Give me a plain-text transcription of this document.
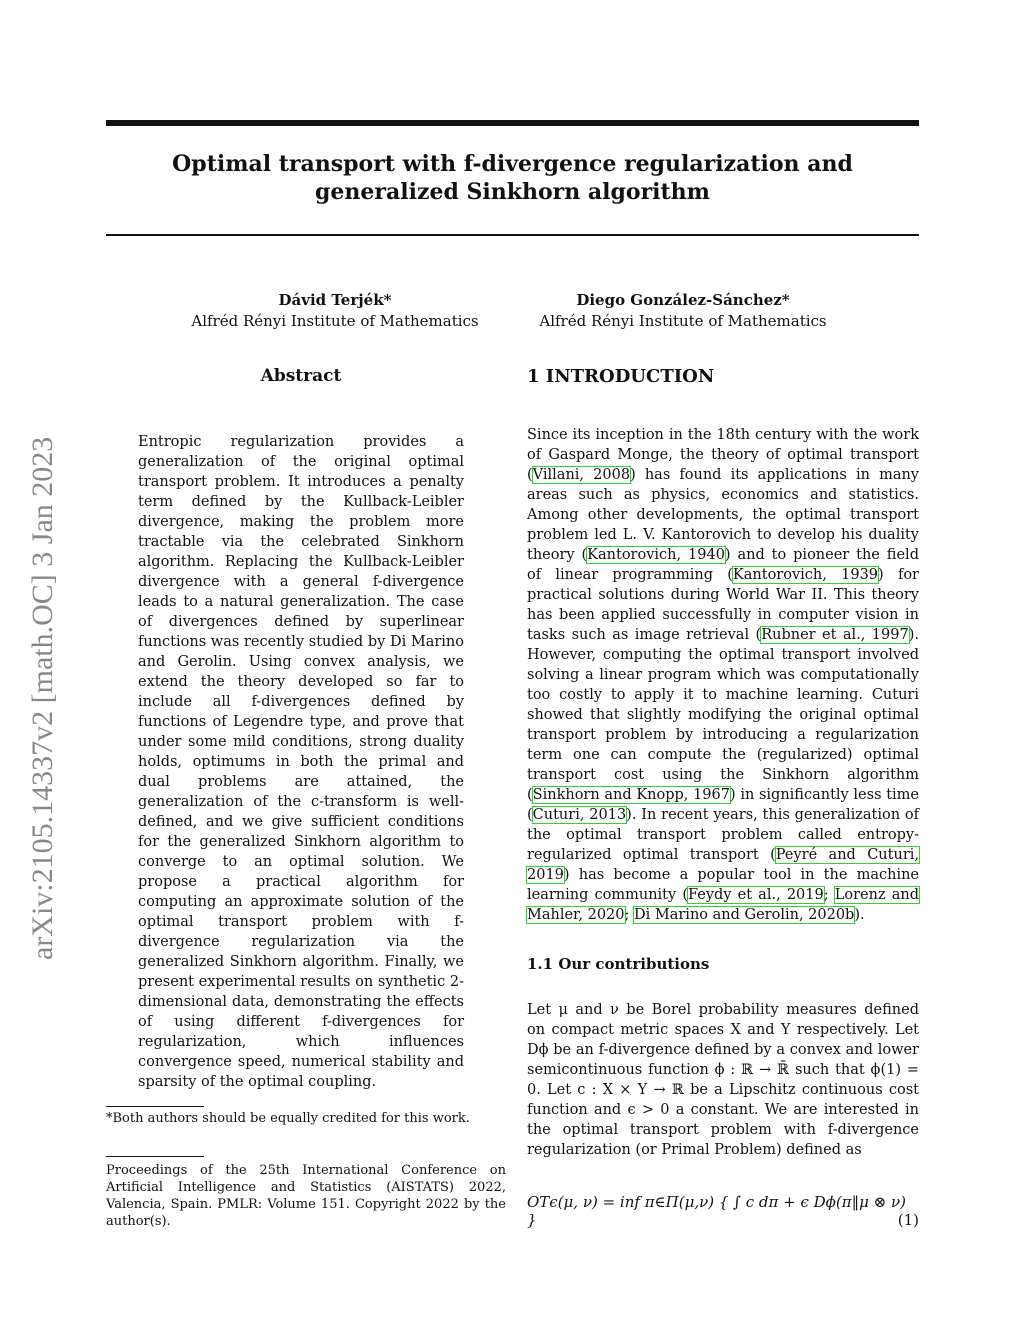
Optimal transport with f-divergence regularization and generalized Sinkhorn algorithm
arXiv:2105.14337v2 [math.OC] 3 Jan 2023
Dávid Terjék*
Alfréd Rényi Institute of Mathematics
Diego González-Sánchez*
Alfréd Rényi Institute of Mathematics
Abstract
Entropic regularization provides a generalization of the original optimal transport problem. It introduces a penalty term defined by the Kullback-Leibler divergence, making the problem more tractable via the celebrated Sinkhorn algorithm. Replacing the Kullback-Leibler divergence with a general f-divergence leads to a natural generalization. The case of divergences defined by superlinear functions was recently studied by Di Marino and Gerolin. Using convex analysis, we extend the theory developed so far to include all f-divergences defined by functions of Legendre type, and prove that under some mild conditions, strong duality holds, optimums in both the primal and dual problems are attained, the generalization of the c-transform is well-defined, and we give sufficient conditions for the generalized Sinkhorn algorithm to converge to an optimal solution. We propose a practical algorithm for computing an approximate solution of the optimal transport problem with f-divergence regularization via the generalized Sinkhorn algorithm. Finally, we present experimental results on synthetic 2-dimensional data, demonstrating the effects of using different f-divergences for regularization, which influences convergence speed, numerical stability and sparsity of the optimal coupling.
1 INTRODUCTION
Since its inception in the 18th century with the work of Gaspard Monge, the theory of optimal transport (Villani, 2008) has found its applications in many areas such as physics, economics and statistics. Among other developments, the optimal transport problem led L. V. Kantorovich to develop his duality theory (Kantorovich, 1940) and to pioneer the field of linear programming (Kantorovich, 1939) for practical solutions during World War II. This theory has been applied successfully in computer vision in tasks such as image retrieval (Rubner et al., 1997). However, computing the optimal transport involved solving a linear program which was computationally too costly to apply it to machine learning. Cuturi showed that slightly modifying the original optimal transport problem by introducing a regularization term one can compute the (regularized) optimal transport cost using the Sinkhorn algorithm (Sinkhorn and Knopp, 1967) in significantly less time (Cuturi, 2013). In recent years, this generalization of the optimal transport problem called entropy-regularized optimal transport (Peyré and Cuturi, 2019) has become a popular tool in the machine learning community (Feydy et al., 2019; Lorenz and Mahler, 2020; Di Marino and Gerolin, 2020b).
1.1 Our contributions
Let μ and ν be Borel probability measures defined on compact metric spaces X and Y respectively. Let Dϕ be an f-divergence defined by a convex and lower semicontinuous function ϕ : ℝ → ℝ̄ such that ϕ(1) = 0. Let c : X × Y → ℝ be a Lipschitz continuous cost function and ϵ > 0 a constant. We are interested in the optimal transport problem with f-divergence regularization (or Primal Problem) defined as
OTϵ(μ, ν) = inf π∈Π(μ,ν) { ∫ c dπ + ϵ Dϕ(π‖μ ⊗ ν) }	(1)
*Both authors should be equally credited for this work.
Proceedings of the 25th International Conference on Artificial Intelligence and Statistics (AISTATS) 2022, Valencia, Spain. PMLR: Volume 151. Copyright 2022 by the author(s).
